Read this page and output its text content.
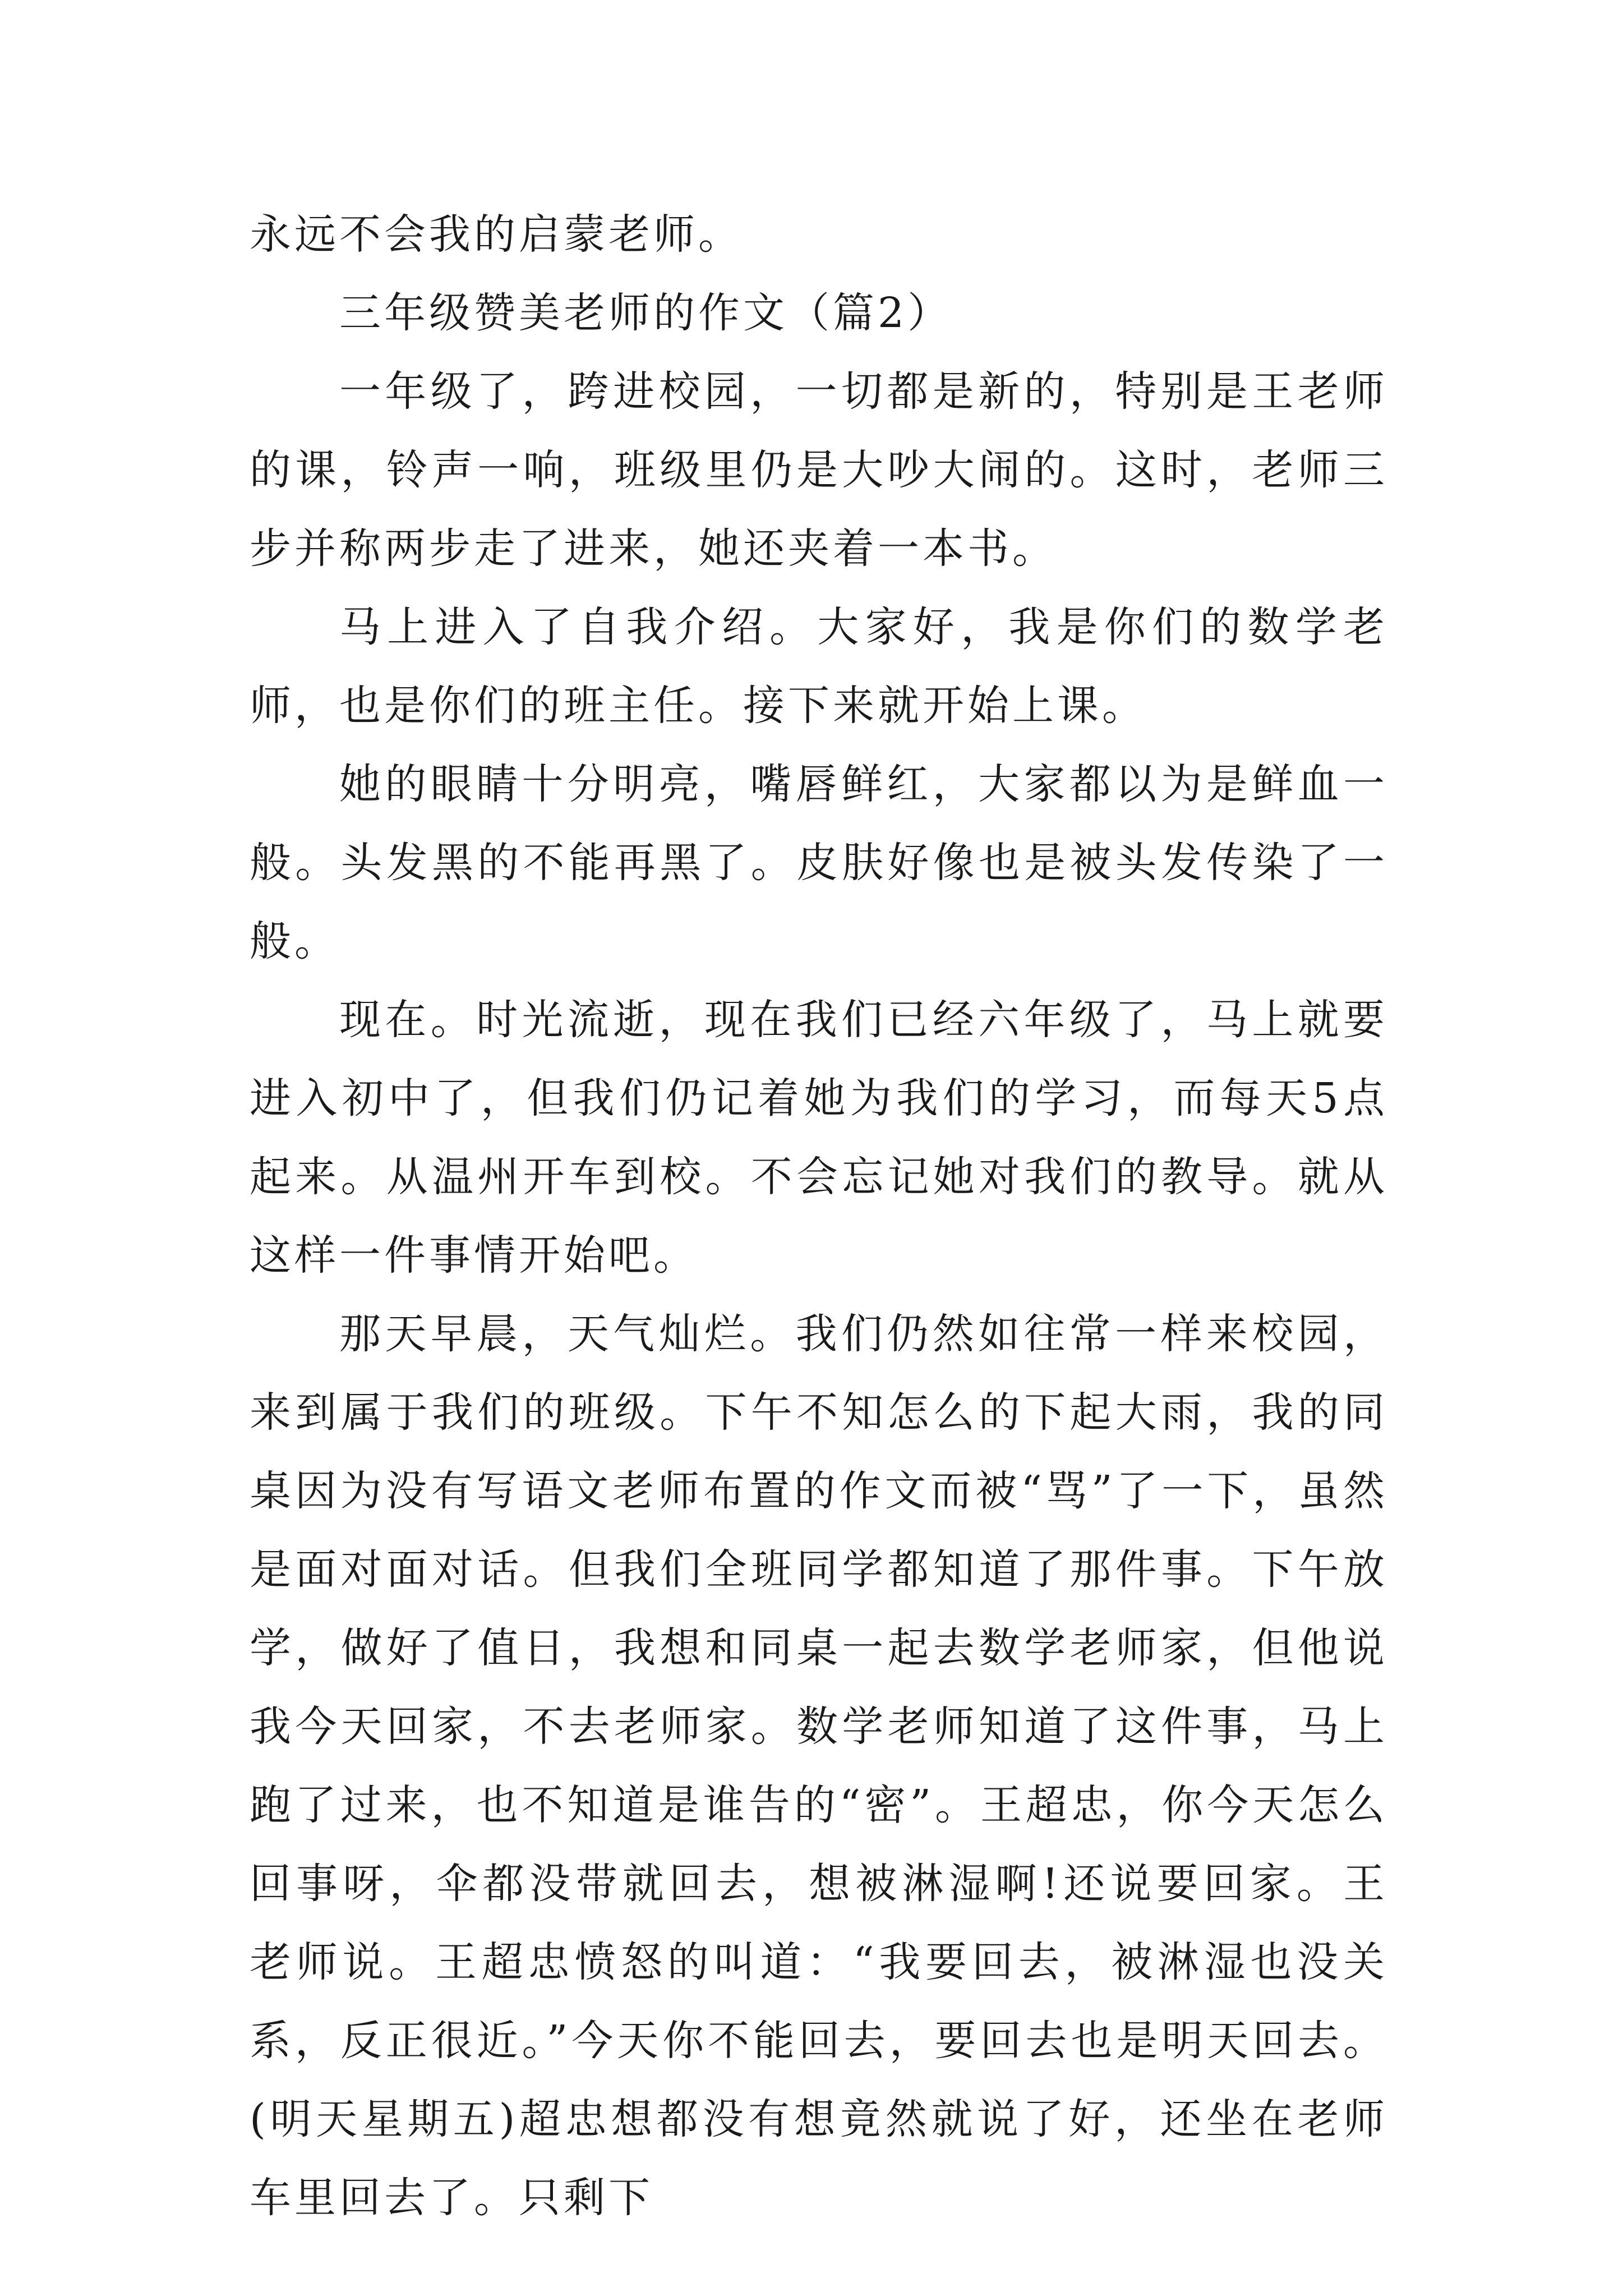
永远不会我的启蒙老师。

三年级赞美老师的作文（篇2）

一年级了，跨进校园，一切都是新的，特别是王老师的课，铃声一响，班级里仍是大吵大闹的。这时，老师三步并称两步走了进来，她还夹着一本书。

马上进入了自我介绍。大家好，我是你们的数学老师，也是你们的班主任。接下来就开始上课。

她的眼睛十分明亮，嘴唇鲜红，大家都以为是鲜血一般。头发黑的不能再黑了。皮肤好像也是被头发传染了一般。

现在。时光流逝，现在我们已经六年级了，马上就要进入初中了，但我们仍记着她为我们的学习，而每天5点起来。从温州开车到校。不会忘记她对我们的教导。就从这样一件事情开始吧。

那天早晨，天气灿烂。我们仍然如往常一样来校园，来到属于我们的班级。下午不知怎么的下起大雨，我的同桌因为没有写语文老师布置的作文而被“骂”了一下，虽然是面对面对话。但我们全班同学都知道了那件事。下午放学，做好了值日，我想和同桌一起去数学老师家，但他说我今天回家，不去老师家。数学老师知道了这件事，马上跑了过来，也不知道是谁告的“密”。王超忠，你今天怎么回事呀，伞都没带就回去，想被淋湿啊!还说要回家。王老师说。王超忠愤怒的叫道：“我要回去，被淋湿也没关系，反正很近。”今天你不能回去，要回去也是明天回去。(明天星期五)超忠想都没有想竟然就说了好，还坐在老师车里回去了。只剩下
